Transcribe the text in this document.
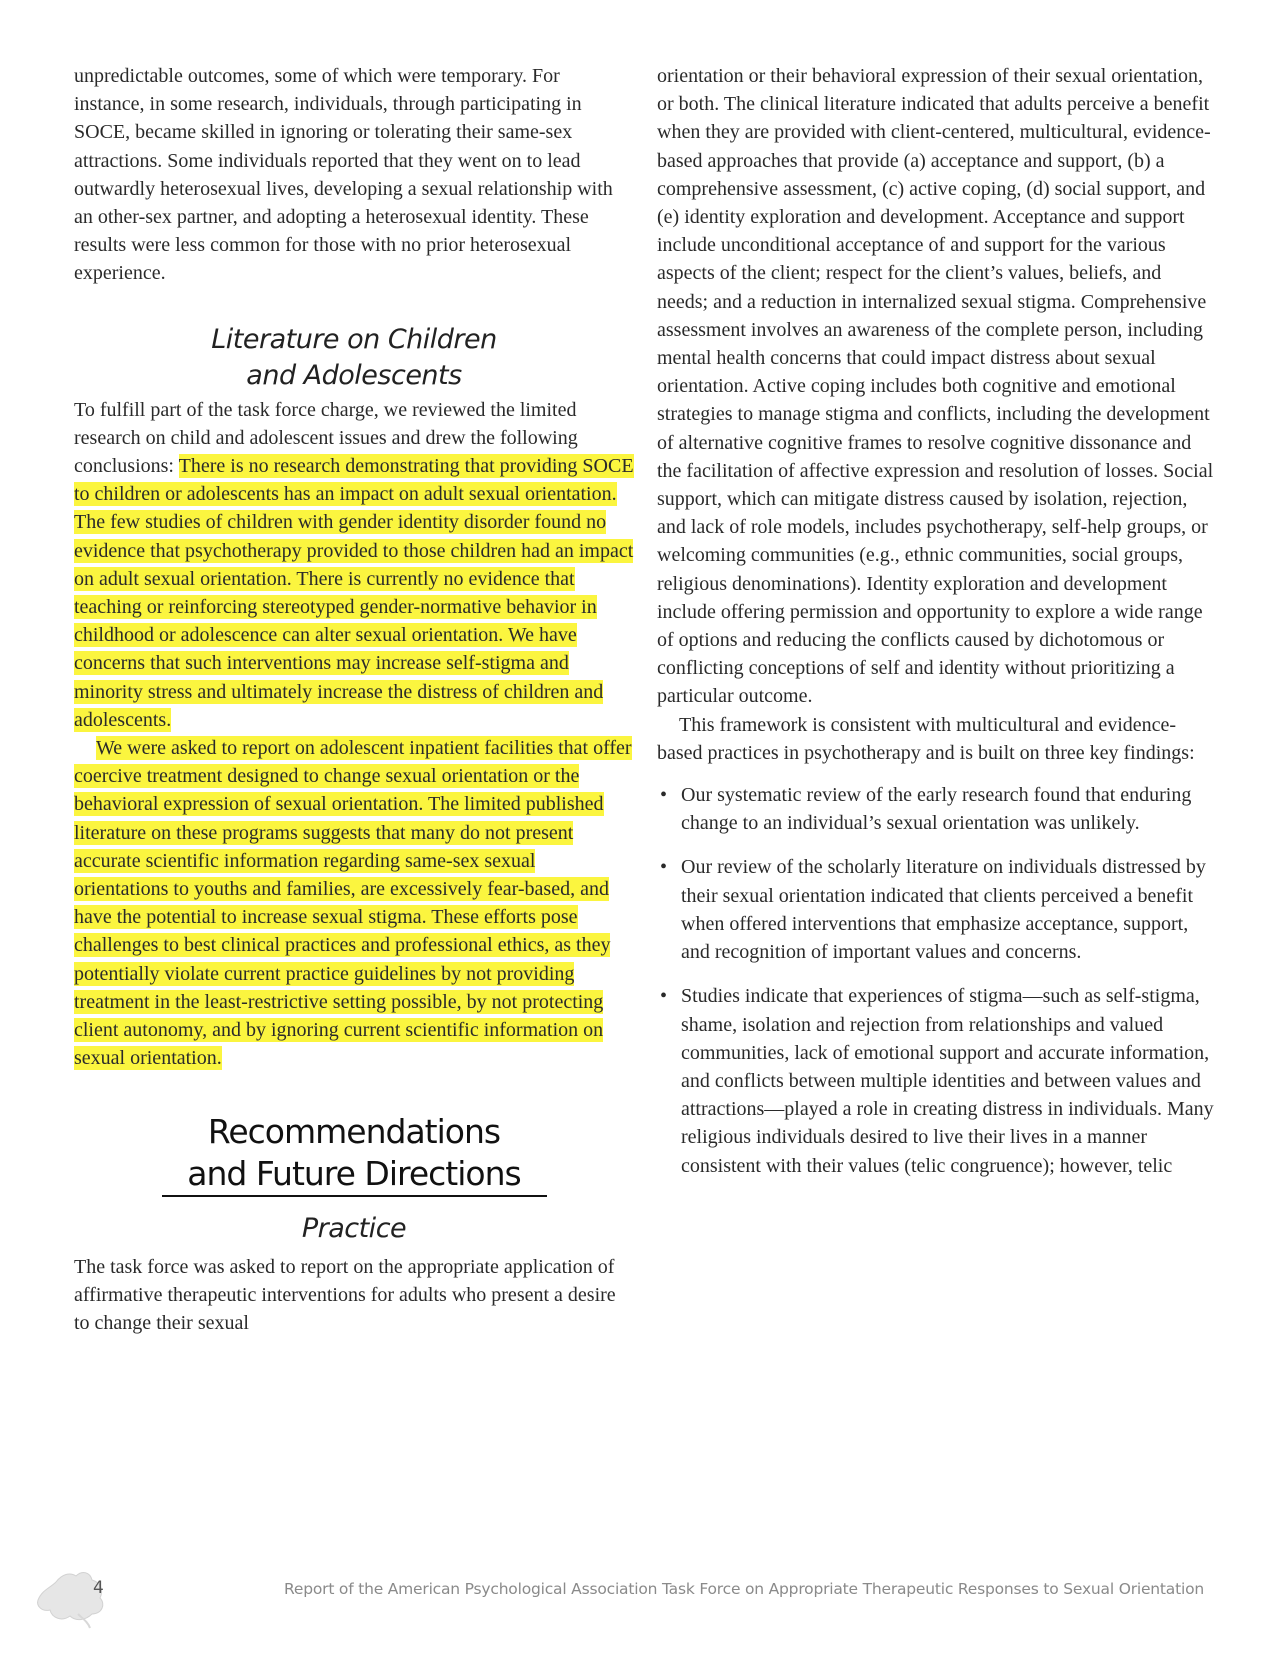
unpredictable outcomes, some of which were temporary. For instance, in some research, individuals, through participating in SOCE, became skilled in ignoring or tolerating their same-sex attractions. Some individuals reported that they went on to lead outwardly heterosexual lives, developing a sexual relationship with an other-sex partner, and adopting a heterosexual identity. These results were less common for those with no prior heterosexual experience.

Literature on Children and Adolescents

To fulfill part of the task force charge, we reviewed the limited research on child and adolescent issues and drew the following conclusions: There is no research demonstrating that providing SOCE to children or adolescents has an impact on adult sexual orientation. The few studies of children with gender identity disorder found no evidence that psychotherapy provided to those children had an impact on adult sexual orientation. There is currently no evidence that teaching or reinforcing stereotyped gender-normative behavior in childhood or adolescence can alter sexual orientation. We have concerns that such interventions may increase self-stigma and minority stress and ultimately increase the distress of children and adolescents.

We were asked to report on adolescent inpatient facilities that offer coercive treatment designed to change sexual orientation or the behavioral expression of sexual orientation. The limited published literature on these programs suggests that many do not present accurate scientific information regarding same-sex sexual orientations to youths and families, are excessively fear-based, and have the potential to increase sexual stigma. These efforts pose challenges to best clinical practices and professional ethics, as they potentially violate current practice guidelines by not providing treatment in the least-restrictive setting possible, by not protecting client autonomy, and by ignoring current scientific information on sexual orientation.

Recommendations
and Future Directions
Practice

The task force was asked to report on the appropriate application of affirmative therapeutic interventions for adults who present a desire to change their sexual

orientation or their behavioral expression of their sexual orientation, or both. The clinical literature indicated that adults perceive a benefit when they are provided with client-centered, multicultural, evidence-based approaches that provide (a) acceptance and support, (b) a comprehensive assessment, (c) active coping, (d) social support, and (e) identity exploration and development. Acceptance and support include unconditional acceptance of and support for the various aspects of the client; respect for the client’s values, beliefs, and needs; and a reduction in internalized sexual stigma. Comprehensive assessment involves an awareness of the complete person, including mental health concerns that could impact distress about sexual orientation. Active coping includes both cognitive and emotional strategies to manage stigma and conflicts, including the development of alternative cognitive frames to resolve cognitive dissonance and the facilitation of affective expression and resolution of losses. Social support, which can mitigate distress caused by isolation, rejection, and lack of role models, includes psychotherapy, self-help groups, or welcoming communities (e.g., ethnic communities, social groups, religious denominations). Identity exploration and development include offering permission and opportunity to explore a wide range of options and reducing the conflicts caused by dichotomous or conflicting conceptions of self and identity without prioritizing a particular outcome.

This framework is consistent with multicultural and evidence-based practices in psychotherapy and is built on three key findings:

• Our systematic review of the early research found that enduring change to an individual’s sexual orientation was unlikely.
• Our review of the scholarly literature on individuals distressed by their sexual orientation indicated that clients perceived a benefit when offered interventions that emphasize acceptance, support, and recognition of important values and concerns.
• Studies indicate that experiences of stigma—such as self-stigma, shame, isolation and rejection from relationships and valued communities, lack of emotional support and accurate information, and conflicts between multiple identities and between values and attractions—played a role in creating distress in individuals. Many religious individuals desired to live their lives in a manner consistent with their values (telic congruence); however, telic
4	Report of the American Psychological Association Task Force on Appropriate Therapeutic Responses to Sexual Orientation
